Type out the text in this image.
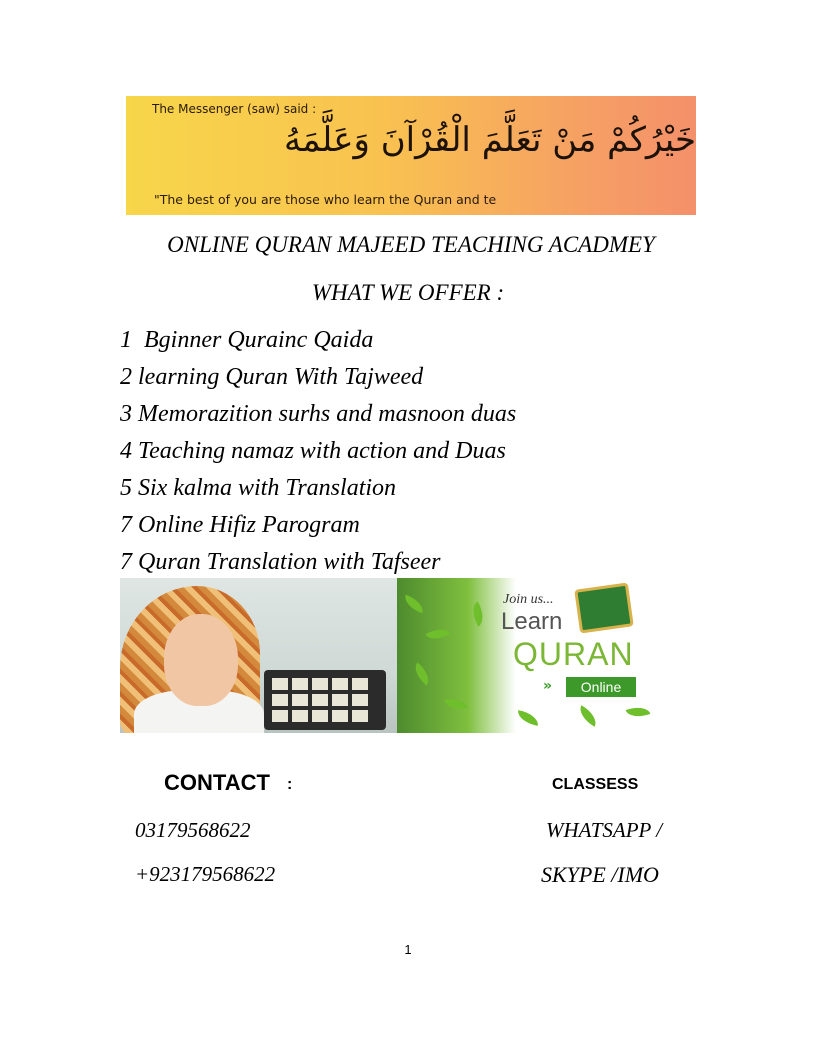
The Messenger (saw) said :
خَيْرُكُمْ مَنْ تَعَلَّمَ الْقُرْآنَ وَعَلَّمَهُ
"The best of you are those who learn the Quran and te
ONLINE QURAN MAJEED TEACHING ACADMEY
WHAT WE OFFER :
1  Bginner Qurainc Qaida
2 learning Quran With Tajweed
3 Memorazition surhs and masnoon duas
4 Teaching namaz with action and Duas
5 Six kalma with Translation
7 Online Hifiz Parogram
7 Quran Translation with Tafseer
Join us...
Learn
QURAN
»	Online
CONTACT :	CLASSESS
03179568622
+923179568622
WHATSAPP /
SKYPE /IMO
1
